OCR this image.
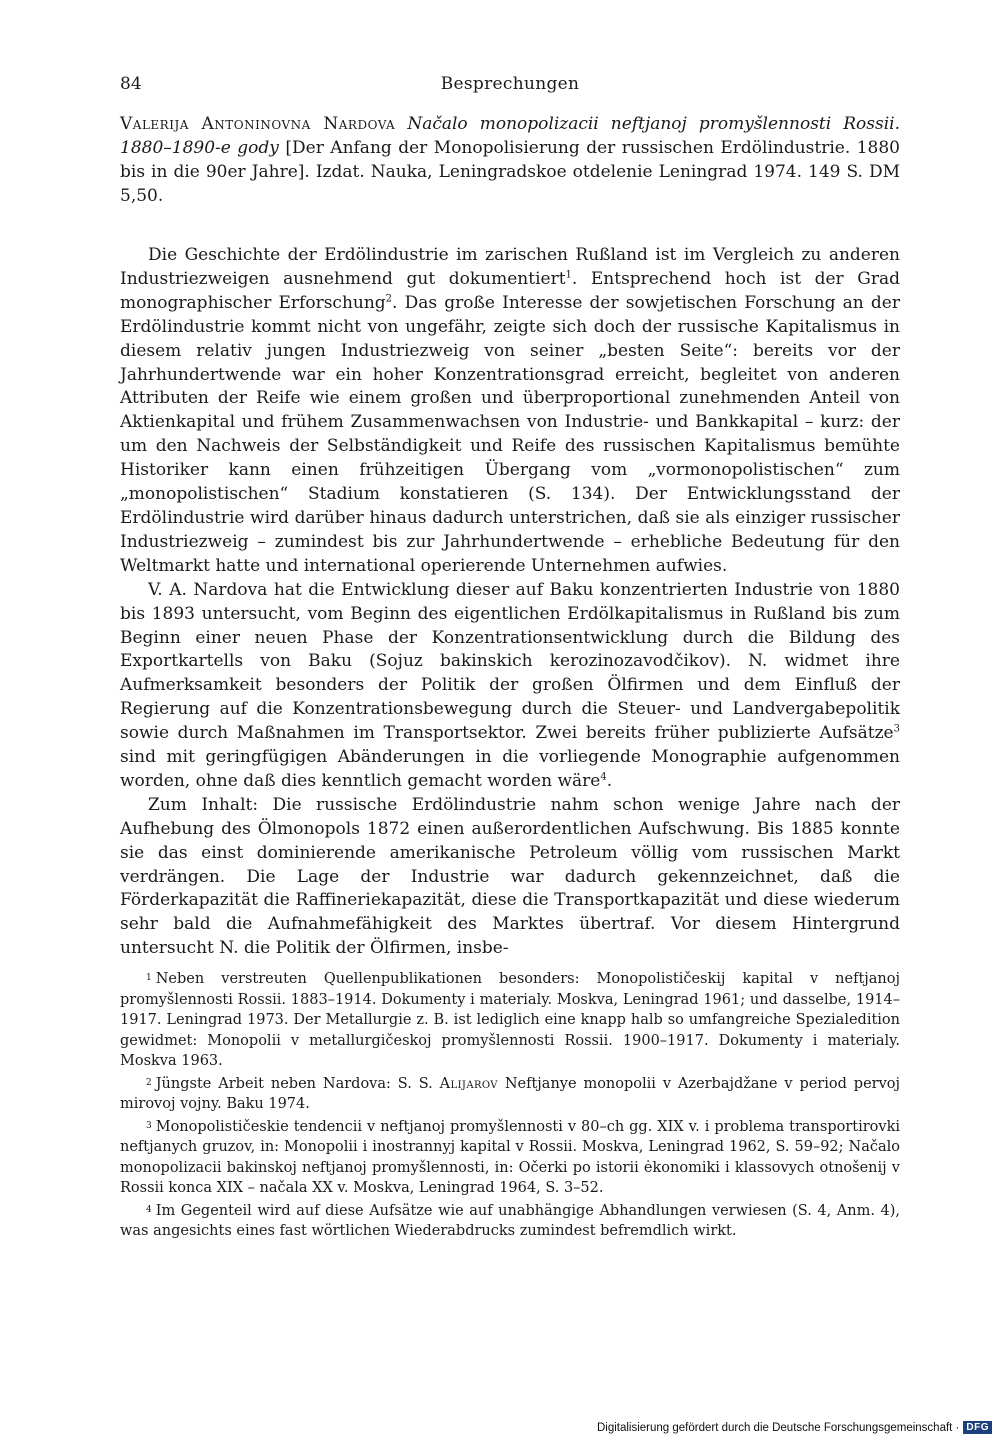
84	Besprechungen
Valerija Antoninovna Nardova Načalo monopolizacii neftjanoj promyšlennosti Rossii. 1880–1890-e gody [Der Anfang der Monopolisierung der russischen Erdölindustrie. 1880 bis in die 90er Jahre]. Izdat. Nauka, Leningradskoe otdelenie Leningrad 1974. 149 S. DM 5,50.

Die Geschichte der Erdölindustrie im zarischen Rußland ist im Vergleich zu anderen Industriezweigen ausnehmend gut dokumentiert$^1$. Entsprechend hoch ist der Grad monographischer Erforschung$^2$. Das große Interesse der sowjetischen Forschung an der Erdölindustrie kommt nicht von ungefähr, zeigte sich doch der russische Kapitalismus in diesem relativ jungen Industriezweig von seiner „besten Seite“: bereits vor der Jahrhundertwende war ein hoher Konzentrationsgrad erreicht, begleitet von anderen Attributen der Reife wie einem großen und überproportional zunehmenden Anteil von Aktienkapital und frühem Zusammenwachsen von Industrie- und Bankkapital – kurz: der um den Nachweis der Selbständigkeit und Reife des russischen Kapitalismus bemühte Historiker kann einen frühzeitigen Übergang vom „vormonopolistischen“ zum „monopolistischen“ Stadium konstatieren (S. 134). Der Entwicklungsstand der Erdölindustrie wird darüber hinaus dadurch unterstrichen, daß sie als einziger russischer Industriezweig – zumindest bis zur Jahrhundertwende – erhebliche Bedeutung für den Weltmarkt hatte und international operierende Unternehmen aufwies.

V. A. Nardova hat die Entwicklung dieser auf Baku konzentrierten Industrie von 1880 bis 1893 untersucht, vom Beginn des eigentlichen Erdölkapitalismus in Rußland bis zum Beginn einer neuen Phase der Konzentrationsentwicklung durch die Bildung des Exportkartells von Baku (Sojuz bakinskich kerozinozavodčikov). N. widmet ihre Aufmerksamkeit besonders der Politik der großen Ölfirmen und dem Einfluß der Regierung auf die Konzentrationsbewegung durch die Steuer- und Landvergabepolitik sowie durch Maßnahmen im Transportsektor. Zwei bereits früher publizierte Aufsätze$^3$ sind mit geringfügigen Abänderungen in die vorliegende Monographie aufgenommen worden, ohne daß dies kenntlich gemacht worden wäre$^4$.

Zum Inhalt: Die russische Erdölindustrie nahm schon wenige Jahre nach der Aufhebung des Ölmonopols 1872 einen außerordentlichen Aufschwung. Bis 1885 konnte sie das einst dominierende amerikanische Petroleum völlig vom russischen Markt verdrängen. Die Lage der Industrie war dadurch gekennzeichnet, daß die Förderkapazität die Raffineriekapazität, diese die Transportkapazität und diese wiederum sehr bald die Aufnahmefähigkeit des Marktes übertraf. Vor diesem Hintergrund untersucht N. die Politik der Ölfirmen, insbe-

$^1$ Neben verstreuten Quellenpublikationen besonders: Monopolističeskij kapital v neftjanoj promyšlennosti Rossii. 1883–1914. Dokumenty i materialy. Moskva, Leningrad 1961; und dasselbe, 1914–1917. Leningrad 1973. Der Metallurgie z. B. ist lediglich eine knapp halb so umfangreiche Spezialedition gewidmet: Monopolii v metallurgičeskoj promyšlennosti Rossii. 1900–1917. Dokumenty i materialy. Moskva 1963.

$^2$ Jüngste Arbeit neben Nardova: S. S. Alijarov Neftjanye monopolii v Azerbajdžane v period pervoj mirovoj vojny. Baku 1974.

$^3$ Monopolističeskie tendencii v neftjanoj promyšlennosti v 80–ch gg. XIX v. i problema transportirovki neftjanych gruzov, in: Monopolii i inostrannyj kapital v Rossii. Moskva, Leningrad 1962, S. 59–92; Načalo monopolizacii bakinskoj neftjanoj promyšlennosti, in: Očerki po istorii ėkonomiki i klassovych otnošenij v Rossii konca XIX – načala XX v. Moskva, Leningrad 1964, S. 3–52.

$^4$ Im Gegenteil wird auf diese Aufsätze wie auf unabhängige Abhandlungen verwiesen (S. 4, Anm. 4), was angesichts eines fast wörtlichen Wiederabdrucks zumindest befremdlich wirkt.

Digitalisierung gefördert durch die Deutsche Forschungsgemeinschaft · DFG
